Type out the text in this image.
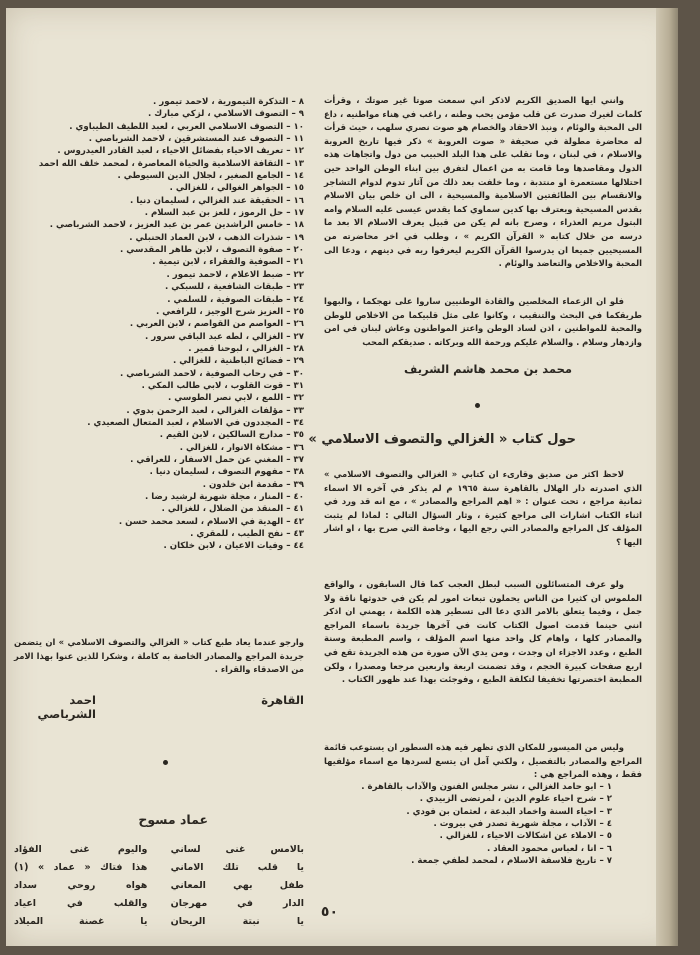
وانني ايها الصديق الكريم لاذكر اني سمعت صوتا غير صوتك ، وقرأت كلمات لغيرك صدرت عن قلب مؤمن يحب وطنه ، راغب في هناء مواطنيه ، داع الى المحبة والوئام ، ونبذ الاحقاد والخصام هو صوت نصري سلهب ، حيث قرأت له محاضرة مطولة في صحيفة « صوت العروبة » ذكر فيها تاريخ العروبة والاسلام ، في لبنان ، وما تقلب على هذا البلد الحبيب من دول واتجاهات هذه الدول ومقاصدها وما قامت به من اعمال لتفرق بين ابناء الوطن الواحد حين احتلالها مستعمرة او منتدبة ، وما خلفت بعد ذلك من آثار تدوم لدوام التشاجر والانقسام بين الطائفتين الاسلامية والمسيحية ، الى ان خلص بيان الاسلام بقدس المسيحية ويعترف بها كدين سماوي كما يقدس عيسى عليه السلام وامه البتول مريم العذراء ، وصرح بانه لم يكن من قبيل يعرف الاسلام الا بعد ما درسه من خلال كتابه « القرآن الكريم » ، وطلب في اخر محاضرته من المسيحيين جميعا ان يدرسوا القرآن الكريم ليعرفوا ربه في دينهم ، ودعا الى المحبة والاخلاص والتعاضد والوئام .

فلو ان الزعماء المخلصين والقادة الوطنيين ساروا على نهجكما ، والبهوا طريقكما في البحث والتنقيب ، وكانوا على مثل قلبيكما من الاخلاص للوطن والمحبة للمواطنين ، اذن لساد الوطن واعتز المواطنون وعاش لبنان في امن وازدهار وسلام . والسلام عليكم ورحمة الله وبركاته . صديقكم المحب

محمد بن محمد هاشم الشريف
حول كتاب « الغزالي والتصوف الاسلامي »

لاحظ اكثر من صديق وقارىء ان كتابي « الغزالي والتصوف الاسلامي » الذي اصدرته دار الهلال بالقاهرة سنة ١٩٦٥ م لم يذكر في آخره الا اسماء ثمانية مراجع ، تحت عنوان : « اهم المراجع والمصادر » ، مع انه قد ورد في اثناء الكتاب اشارات الى مراجع كثيرة ، وثار السؤال التالي : لماذا لم يثبت المؤلف كل المراجع والمصادر التي رجع اليها ، وخاصة التي صرح بها ، او اشار اليها ؟

ولو عرف المتسائلون السبب لبطل العجب كما قال السابقون ، والواقع الملموس ان كثيرا من الناس يحملون تبعات امور لم يكن في حدوثها ناقة ولا جمل ، وفيما يتعلق بالامر الذي دعا الى تسطير هذه الكلمة ، يهمني ان اذكر انني حينما قدمت اصول الكتاب كانت في آخرها جريدة باسماء المراجع والمصادر كلها ، واهام كل واحد منها اسم المؤلف ، واسم المطبعة وسنة الطبع ، وعدد الاجزاء ان وجدت ، ومن يدي الآن صورة من هذه الجريدة تقع في اربع صفحات كبيرة الحجم ، وقد تضمنت اربعة واربعين مرجعا ومصدرا ، ولكن المطبعة اختصرتها تخفيفا لتكلفة الطبع ، وفوجئت بهذا عند ظهور الكتاب .

وليس من الميسور للمكان الذي تظهر فيه هذه السطور ان يستوعب قائمة المراجع والمصادر بالتفصيل ، ولكني آمل ان يتسع لسردها مع اسماء مؤلفيها فقط ، وهذه المراجع هي :

١ – ابو حامد الغزالي ، نشر مجلس الفنون والآداب بالقاهرة .
٢ – شرح احياء علوم الدين ، لمرتضى الزبيدي .
٣ – احياء السنة واخماد البدعة ، لعثمان بن فودي .
٤ – الآداب ، مجلة شهرية تصدر في بيروت .
٥ – الاملاء عن اشكالات الاحياء ، للغزالي .
٦ – انا ، لعباس محمود العقاد .
٧ – تاريخ فلاسفة الاسلام ، لمحمد لطفي جمعة .
٨ – التذكرة التيمورية ، لاحمد تيمور .
٩ – التصوف الاسلامي ، لزكي مبارك .
١٠ – التصوف الاسلامي العربي ، لعبد اللطيف الطيباوي .
١١ – التصوف عند المستشرقين ، لاحمد الشرباصي .
١٢ – تعريف الاحياء بفضائل الاحياء ، لعبد القادر العيدروس .
١٣ – الثقافة الاسلامية والحياة المعاصرة ، لمحمد خلف الله احمد
١٤ – الجامع الصغير ، لجلال الدين السيوطي .
١٥ – الجواهر الغوالي ، للغزالي .
١٦ – الحقيقة عند الغزالي ، لسليمان دنيا .
١٧ – حل الرموز ، للعز بن عبد السلام .
١٨ – خامس الراشدين عمر بن عبد العزيز ، لاحمد الشرباصي .
١٩ – شذرات الذهب ، لابن العماد الحنبلي .
٢٠ – صفوة التصوف ، لابن طاهر المقدسي .
٢١ – الصوفية والفقراء ، لابن تيمية .
٢٢ – ضبط الاعلام ، لاحمد تيمور .
٢٣ – طبقات الشافعية ، للسبكي .
٢٤ – طبقات الصوفية ، للسلمي .
٢٥ – العزيز شرح الوجيز ، للرافعي .
٢٦ – العواصم من القواصم ، لابن العربي .
٢٧ – الغزالي ، لطه عبد الباقي سرور .
٢٨ – الغزالي ، لبوحنا قمير .
٢٩ – فضائح الباطنية ، للغزالي .
٣٠ – في رحاب الصوفية ، لاحمد الشرباصي .
٣١ – قوت القلوب ، لابي طالب المكي .
٣٢ – اللمع ، لابي نصر الطوسي .
٣٣ – مؤلفات الغزالي ، لعبد الرحمن بدوي .
٣٤ – المجددون في الاسلام ، لعبد المتعال الصعيدي .
٣٥ – مدارج السالكين ، لابن القيم .
٣٦ – مشكاة الانوار ، للغزالي .
٣٧ – المغني عن حمل الاسفار ، للعراقي .
٣٨ – مفهوم التصوف ، لسليمان دنيا .
٣٩ – مقدمة ابن خلدون .
٤٠ – المنار ، مجلة شهرية لرشيد رضا .
٤١ – المنقذ من الضلال ، للغزالي .
٤٢ – الهدية في الاسلام ، لسعد محمد حسن .
٤٣ – نفح الطيب ، للمقري .
٤٤ – وفيات الاعيان ، لابن خلكان .

وارجو عندما يعاد طبع كتاب « الغزالي والتصوف الاسلامي » ان يتضمن جريدة المراجع والمصادر الخاصة به كاملة ، وشكرا للذين عنوا بهذا الامر من الاصدقاء والقراء .

القاهرة
احمد الشرباصي
عماد مسوح
بالامس غنى لساني
واليوم غنى الفؤاد
يا قلب تلك الاماني
هذا فتاك « عماد » (١)
طفل بهي المعاني
هواه روحي سداد
الدار في مهرجان
والقلب في اعياد
يا نبتة الريحان
يا غصنة الميلاد
٥٠
